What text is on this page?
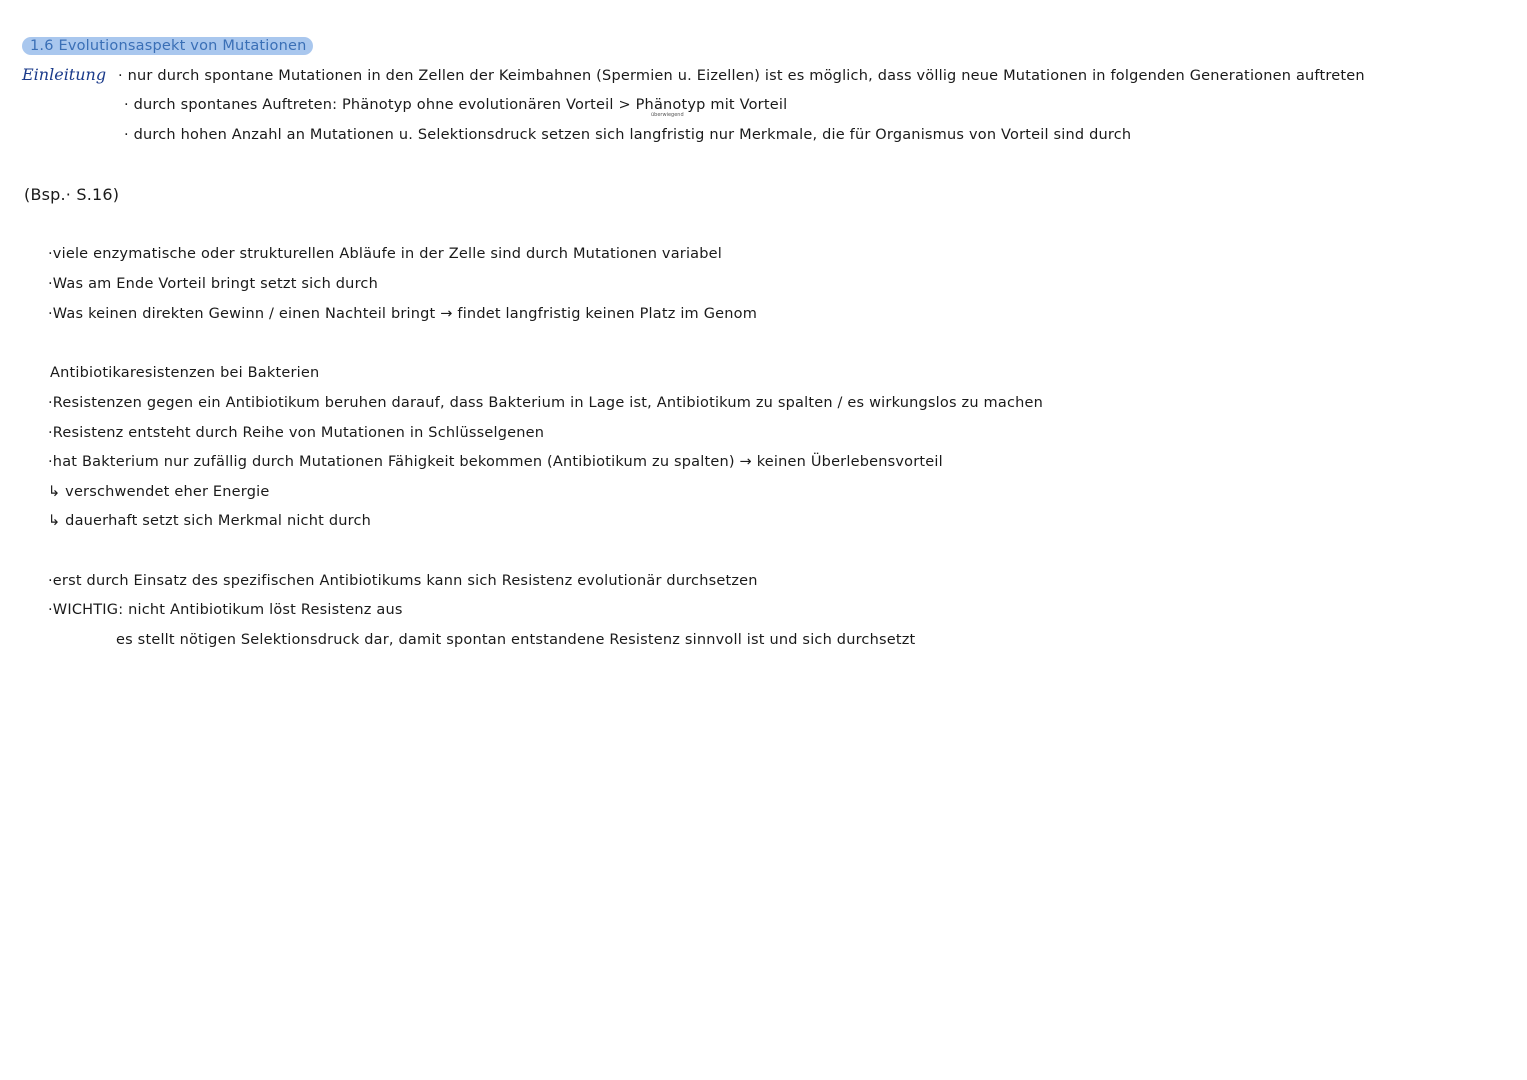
1.6 Evolutionsaspekt von Mutationen
Einleitung · nur durch spontane Mutationen in den Zellen der Keimbahnen (Spermien u. Eizellen) ist es möglich, dass völlig neue Mutationen in folgenden Generationen auftreten
überwiegend
· durch spontanes Auftreten: Phänotyp ohne evolutionären Vorteil > Phänotyp mit Vorteil
· durch hohen Anzahl an Mutationen u. Selektionsdruck setzen sich langfristig nur Merkmale, die für Organismus von Vorteil sind durch
(Bsp.· S.16)
·viele enzymatische oder strukturellen Abläufe in der Zelle sind durch Mutationen variabel
·Was am Ende Vorteil bringt setzt sich durch
·Was keinen direkten Gewinn / einen Nachteil bringt → findet langfristig keinen Platz im Genom
Antibiotikaresistenzen bei Bakterien
·Resistenzen gegen ein Antibiotikum beruhen darauf, dass Bakterium in Lage ist, Antibiotikum zu spalten / es wirkungslos zu machen
·Resistenz entsteht durch Reihe von Mutationen in Schlüsselgenen
·hat Bakterium nur zufällig durch Mutationen Fähigkeit bekommen (Antibiotikum zu spalten) → keinen Überlebensvorteil
↳ verschwendet eher Energie
↳ dauerhaft setzt sich Merkmal nicht durch
·erst durch Einsatz des spezifischen Antibiotikums kann sich Resistenz evolutionär durchsetzen
·WICHTIG: nicht Antibiotikum löst Resistenz aus
es stellt nötigen Selektionsdruck dar, damit spontan entstandene Resistenz sinnvoll ist und sich durchsetzt
